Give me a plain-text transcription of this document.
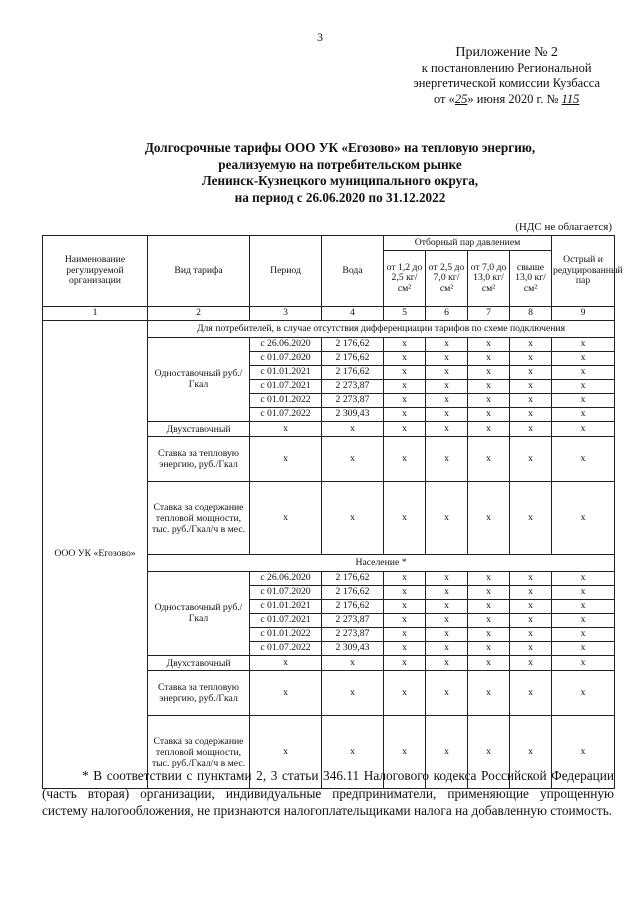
3
Приложение № 2
к постановлению Региональной
энергетической комиссии Кузбасса
от «25» июня 2020 г. № 115
Долгосрочные тарифы ООО УК «Егозово» на тепловую энергию,
реализуемую на потребительском рынке
Ленинск-Кузнецкого муниципального округа,
на период с 26.06.2020 по 31.12.2022
(НДС не облагается)
Наименование регулируемой организации	Вид тарифа	Период	Вода	Отборный пар давлением				Острый и редуцированный пар
				от 1,2 до 2,5 кг/см²	от 2,5 до 7,0 кг/см²	от 7,0 до 13,0 кг/см²	свыше 13,0 кг/см²	
1	2	3	4	5	6	7	8	9
ООО УК «Егозово»	Для потребителей, в случае отсутствия дифференциации тарифов по схеме подключения							
	Одноставочный руб./Гкал	с 26.06.2020	2 176,62	x	x	x	x	x
		с 01.07.2020	2 176,62	x	x	x	x	x
		с 01.01.2021	2 176,62	x	x	x	x	x
		с 01.07.2021	2 273,87	x	x	x	x	x
		с 01.01.2022	2 273,87	x	x	x	x	x
		с 01.07.2022	2 309,43	x	x	x	x	x
	Двухставочный	x	x	x	x	x	x	x
	Ставка за тепловую энергию, руб./Гкал	x	x	x	x	x	x	x
	Ставка за содержание тепловой мощности, тыс. руб./Гкал/ч в мес.	x	x	x	x	x	x	x
	Население *							
	Одноставочный руб./Гкал	с 26.06.2020	2 176,62	x	x	x	x	x
		с 01.07.2020	2 176,62	x	x	x	x	x
		с 01.01.2021	2 176,62	x	x	x	x	x
		с 01.07.2021	2 273,87	x	x	x	x	x
		с 01.01.2022	2 273,87	x	x	x	x	x
		с 01.07.2022	2 309,43	x	x	x	x	x
	Двухставочный	x	x	x	x	x	x	x
	Ставка за тепловую энергию, руб./Гкал	x	x	x	x	x	x	x
	Ставка за содержание тепловой мощности, тыс. руб./Гкал/ч в мес.	x	x	x	x	x	x	x

* В соответствии с пунктами 2, 3 статьи 346.11 Налогового кодекса Российской Федерации (часть вторая) организации, индивидуальные предприниматели, применяющие упрощенную систему налогообложения, не признаются налогоплательщиками налога на добавленную стоимость.
